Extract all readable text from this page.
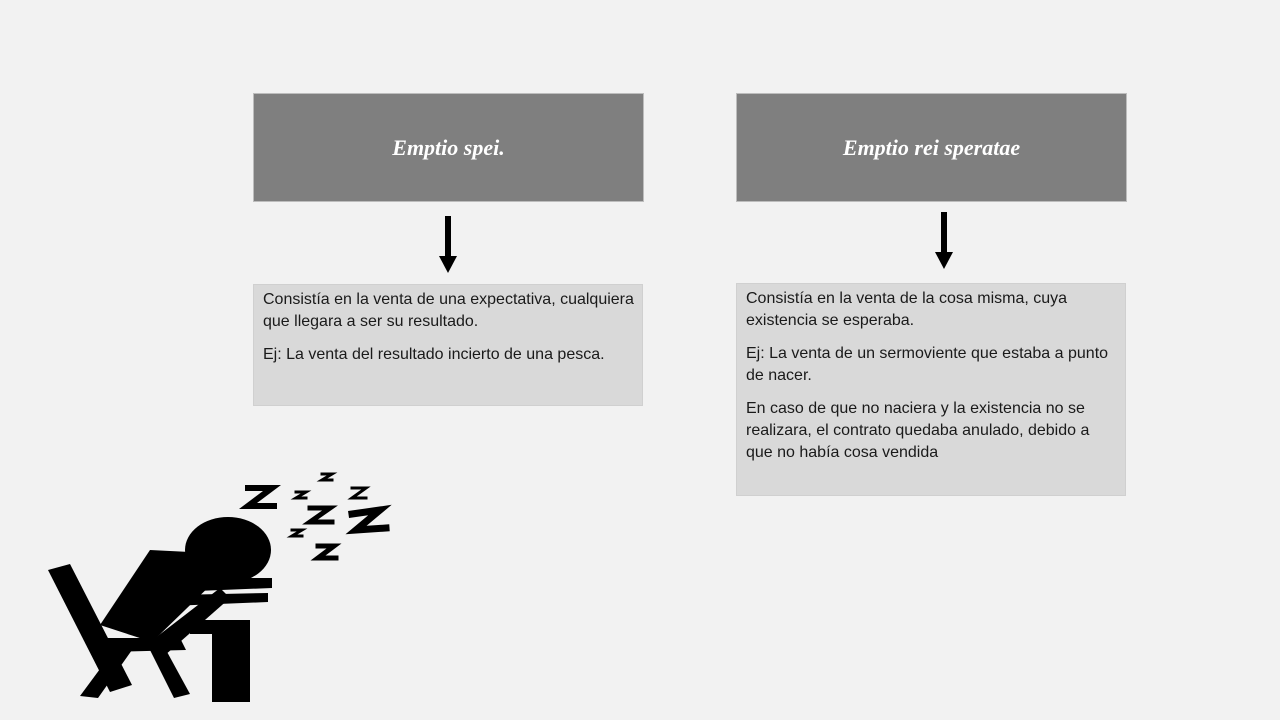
Emptio spei.

Consistía en la venta de una expectativa, cualquiera que llegara a ser su resultado.

Ej: La venta del resultado incierto de una pesca.

Emptio rei speratae

Consistía en la venta de la cosa misma, cuya existencia se esperaba.

Ej: La venta de un sermoviente que estaba a punto de nacer.

En caso de que no naciera y la existencia no se realizara, el contrato quedaba anulado, debido a que no había cosa vendida
